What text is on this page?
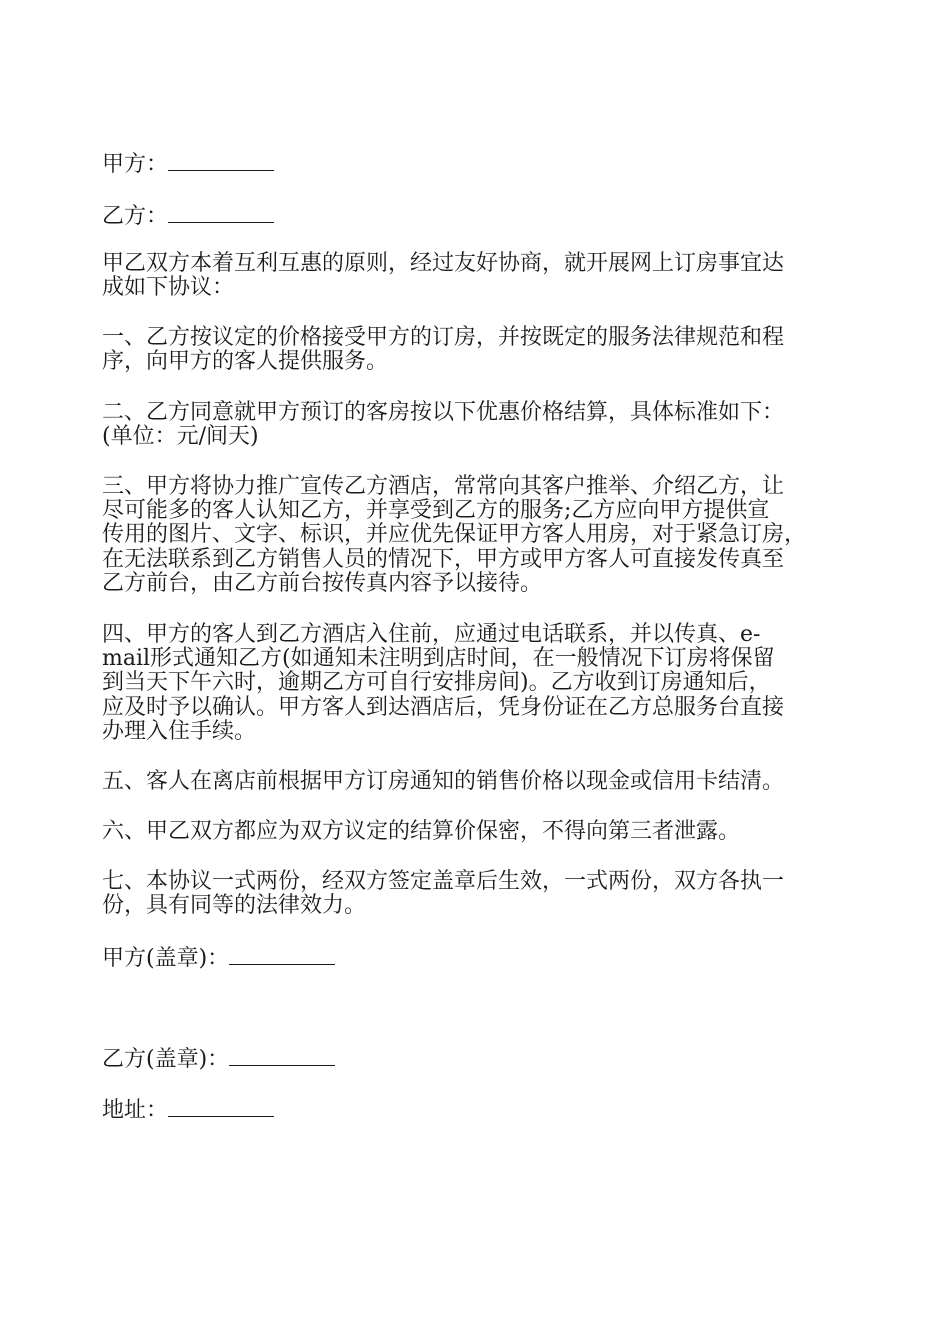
甲方：
乙方：
甲乙双方本着互利互惠的原则，经过友好协商，就开展网上订房事宜达
成如下协议：
一、乙方按议定的价格接受甲方的订房，并按既定的服务法律规范和程
序，向甲方的客人提供服务。
二、乙方同意就甲方预订的客房按以下优惠价格结算，具体标准如下：
(单位：元/间天)
三、甲方将协力推广宣传乙方酒店，常常向其客户推举、介绍乙方，让
尽可能多的客人认知乙方，并享受到乙方的服务;乙方应向甲方提供宣
传用的图片、文字、标识，并应优先保证甲方客人用房，对于紧急订房，
在无法联系到乙方销售人员的情况下，甲方或甲方客人可直接发传真至
乙方前台，由乙方前台按传真内容予以接待。
四、甲方的客人到乙方酒店入住前，应通过电话联系，并以传真、e-
mail形式通知乙方(如通知未注明到店时间，在一般情况下订房将保留
到当天下午六时，逾期乙方可自行安排房间)。乙方收到订房通知后，
应及时予以确认。甲方客人到达酒店后，凭身份证在乙方总服务台直接
办理入住手续。
五、客人在离店前根据甲方订房通知的销售价格以现金或信用卡结清。
六、甲乙双方都应为双方议定的结算价保密，不得向第三者泄露。
七、本协议一式两份，经双方签定盖章后生效，一式两份，双方各执一
份，具有同等的法律效力。
甲方(盖章)：
乙方(盖章)：
地址：
